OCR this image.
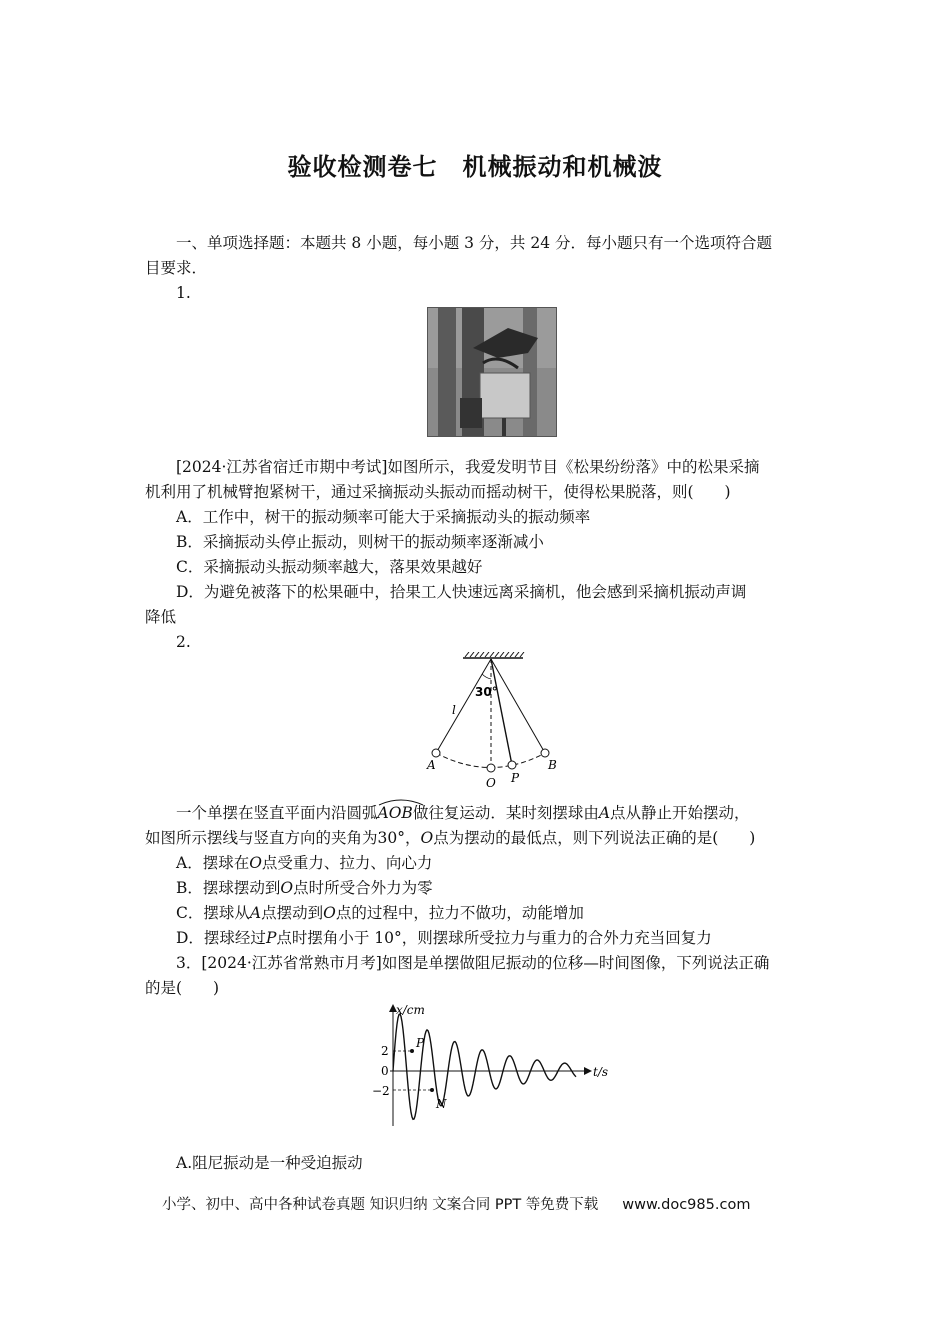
验收检测卷七　机械振动和机械波
一、单项选择题：本题共 8 小题，每小题 3 分，共 24 分．每小题只有一个选项符合题
目要求．
1.
[2024·江苏省宿迁市期中考试]如图所示，我爱发明节目《松果纷纷落》中的松果采摘
机利用了机械臂抱紧树干，通过采摘振动头振动而摇动树干，使得松果脱落，则(　　)
A．工作中，树干的振动频率可能大于采摘振动头的振动频率
B．采摘振动头停止振动，则树干的振动频率逐渐减小
C．采摘振动头振动频率越大，落果效果越好
D．为避免被落下的松果砸中，拾果工人快速远离采摘机，他会感到采摘机振动声调
降低
2.
30°
l
A
O P
B
一个单摆在竖直平面内沿圆弧
AOB做往复运动．某时刻摆球由A点从静止开始摆动，
如图所示摆线与竖直方向的夹角为30°，O点为摆动的最低点，则下列说法正确的是(　　)
A．摆球在O点受重力、拉力、向心力
B．摆球摆动到O点时所受合外力为零
C．摆球从A点摆动到O点的过程中，拉力不做功，动能增加
D．摆球经过P点时摆角小于 10°，则摆球所受拉力与重力的合外力充当回复力
3．[2024·江苏省常熟市月考]如图是单摆做阻尼振动的位移—时间图像，下列说法正确
的是(　　)
x/cm
t/s
2
0
−2
P
N
A.阻尼振动是一种受迫振动
小学、初中、高中各种试卷真题 知识归纳 文案合同 PPT 等免费下载 www.doc985.com
